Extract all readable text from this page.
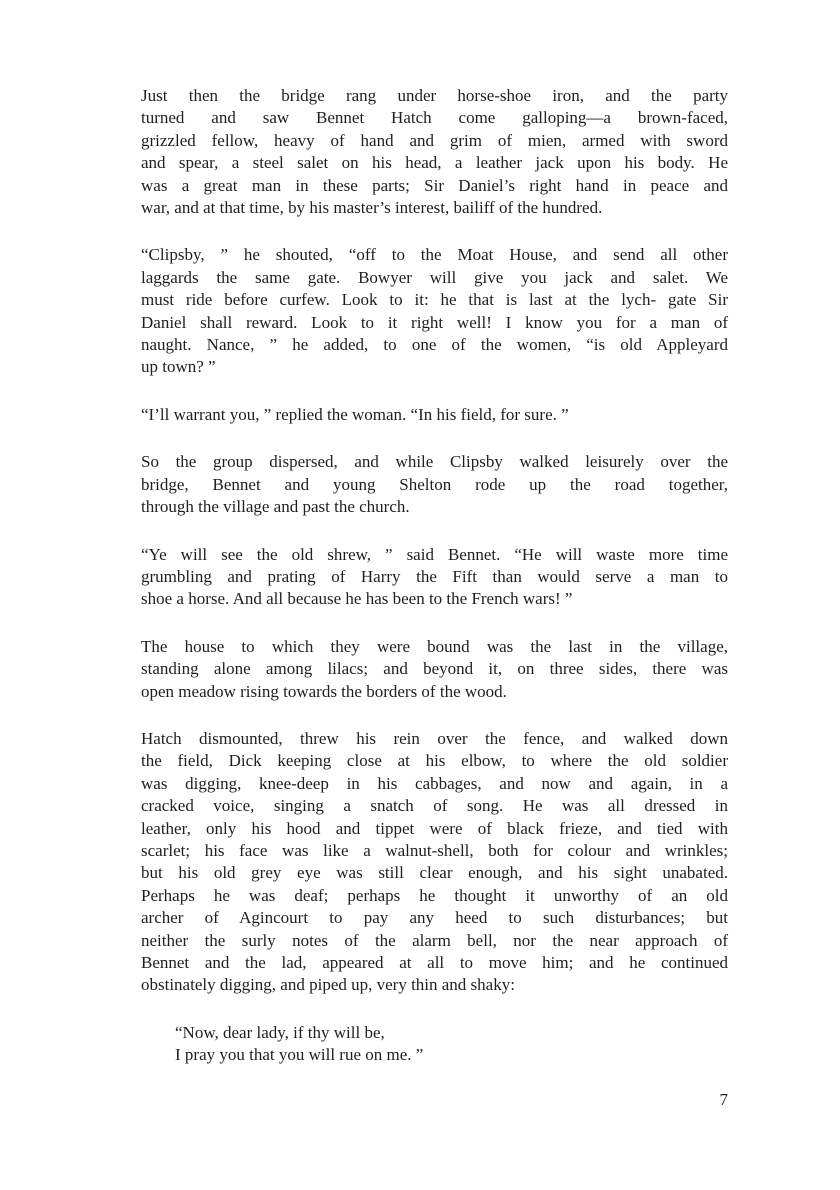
Just then the bridge rang under horse-shoe iron, and the party
turned and saw Bennet Hatch come galloping—a brown-faced,
grizzled fellow, heavy of hand and grim of mien, armed with sword
and spear, a steel salet on his head, a leather jack upon his body. He
was a great man in these parts; Sir Daniel’s right hand in peace and
war, and at that time, by his master’s interest, bailiff of the hundred.
“Clipsby, ” he shouted, “off to the Moat House, and send all other
laggards the same gate. Bowyer will give you jack and salet. We
must ride before curfew. Look to it: he that is last at the lych- gate Sir
Daniel shall reward. Look to it right well! I know you for a man of
naught. Nance, ” he added, to one of the women, “is old Appleyard
up town? ”
“I’ll warrant you, ” replied the woman. “In his field, for sure. ”
So the group dispersed, and while Clipsby walked leisurely over the
bridge, Bennet and young Shelton rode up the road together,
through the village and past the church.
“Ye will see the old shrew, ” said Bennet. “He will waste more time
grumbling and prating of Harry the Fift than would serve a man to
shoe a horse. And all because he has been to the French wars! ”
The house to which they were bound was the last in the village,
standing alone among lilacs; and beyond it, on three sides, there was
open meadow rising towards the borders of the wood.
Hatch dismounted, threw his rein over the fence, and walked down
the field, Dick keeping close at his elbow, to where the old soldier
was digging, knee-deep in his cabbages, and now and again, in a
cracked voice, singing a snatch of song. He was all dressed in
leather, only his hood and tippet were of black frieze, and tied with
scarlet; his face was like a walnut-shell, both for colour and wrinkles;
but his old grey eye was still clear enough, and his sight unabated.
Perhaps he was deaf; perhaps he thought it unworthy of an old
archer of Agincourt to pay any heed to such disturbances; but
neither the surly notes of the alarm bell, nor the near approach of
Bennet and the lad, appeared at all to move him; and he continued
obstinately digging, and piped up, very thin and shaky:
“Now, dear lady, if thy will be,
I pray you that you will rue on me. ”
7
